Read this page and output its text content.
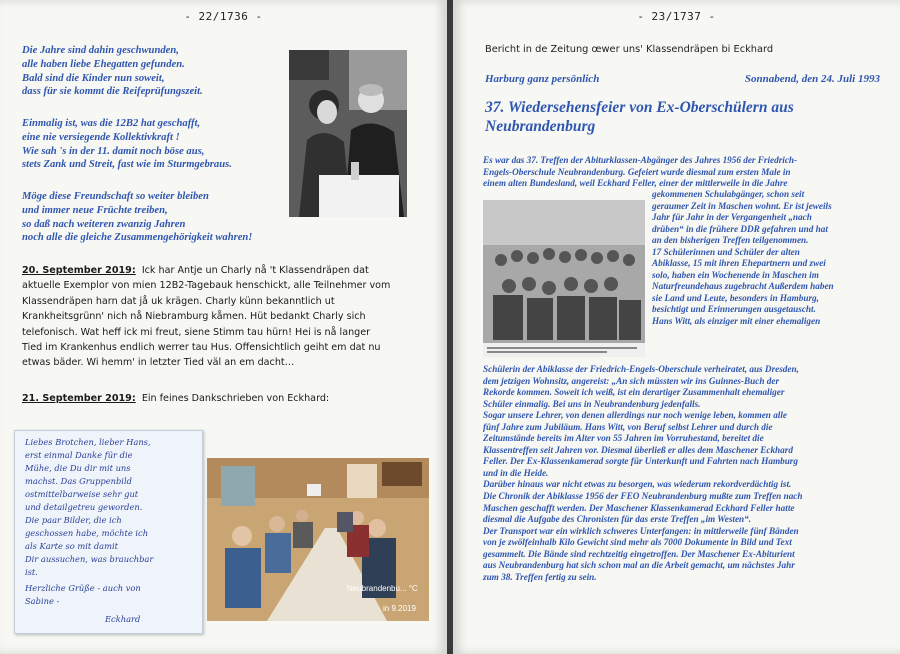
- 22/1736 -
Die Jahre sind dahin geschwunden,
alle haben liebe Ehegatten gefunden.
Bald sind die Kinder nun soweit,
dass für sie kommt die Reifeprüfungszeit.
Einmalig ist, was die 12B2 hat geschafft,
eine nie versiegende Kollektivkraft !
Wie sah 's in der 11. damit noch böse aus,
stets Zank und Streit, fast wie im Sturmgebraus.
Möge diese Freundschaft so weiter bleiben
und immer neue Früchte treiben,
so daß nach weiteren zwanzig Jahren
noch alle die gleiche Zusammengehörigkeit wahren!
20. September 2019: Ick har Antje un Charly nå 't Klassendräpen dat
aktuelle Exemplor von mien 12B2-Tagebauk henschickt, alle Teilnehmer vom
Klassendräpen harn dat jå uk krägen. Charly künn bekanntlich ut
Krankheitsgrünn' nich nå Niebramburg kåmen. Hüt bedankt Charly sich
telefonisch. Wat heff ick mi freut, siene Stimm tau hürn! Hei is nå langer
Tied im Krankenhus endlich werrer tau Hus. Offensichtlich geiht em dat nu
etwas bäder. Wi hemm' in letzter Tied väl an em dacht…
21. September 2019: Ein feines Dankschrieben von Eckhard:
Liebes Brotchen, lieber Hans,
erst einmal Danke für die
Mühe, die Du dir mit uns
machst. Das Gruppenbild
ostmittelbarweise sehr gut
und detailgetreu geworden.
Die paar Bilder, die ich
geschossen habe, möchte ich
als Karte so mit damit
Dir aussuchen, was brauchbar
ist.
Herzliche Grüße - auch von
Sabine -
Eckhard
Neubrandenbu... °C
in 9.2019
- 23/1737 -
Bericht in de Zeitung œwer uns' Klassendräpen bi Eckhard
Harburg ganz persönlich	Sonnabend, den 24. Juli 1993
37. Wiedersehensfeier von Ex-Oberschülern aus Neubrandenburg
Es war das 37. Treffen der Abiturklassen-Abgänger des Jahres 1956 der Friedrich-
Engels-Oberschule Neubrandenburg. Gefeiert wurde diesmal zum ersten Male in
einem alten Bundesland, weil Eckhard Feller, einer der mittlerweile in die Jahre
gekommenen Schulabgänger, schon seit
geraumer Zeit in Maschen wohnt. Er ist jeweils
Jahr für Jahr in der Vergangenheit „nach
drüben“ in die frühere DDR gefahren und hat
an den bisherigen Treffen teilgenommen.
17 Schülerinnen und Schüler der alten
Abiklasse, 15 mit ihren Ehepartnern und zwei
solo, haben ein Wochenende in Maschen im
Naturfreundehaus zugebracht Außerdem haben
sie Land und Leute, besonders in Hamburg,
besichtigt und Erinnerungen ausgetauscht.
Hans Witt, als einziger mit einer ehemaligen
Schülerin der Abiklasse der Friedrich-Engels-Oberschule verheiratet, aus Dresden,
dem jetzigen Wohnsitz, angereist: „An sich müssten wir ins Guinnes-Buch der
Rekorde kommen. Soweit ich weiß, ist ein derartiger Zusammenhalt ehemaliger
Schüler einmalig. Bei uns in Neubrandenburg jedenfalls.
Sogar unsere Lehrer, von denen allerdings nur noch wenige leben, kommen alle
fünf Jahre zum Jubiläum. Hans Witt, von Beruf selbst Lehrer und durch die
Zeitumstände bereits im Alter von 55 Jahren im Vorruhestand, bereitet die
Klassentreffen seit Jahren vor. Diesmal überließ er alles dem Maschener Eckhard
Feller. Der Ex-Klassenkamerad sorgte für Unterkunft und Fahrten nach Hamburg
und in die Heide.
Darüber hinaus war nicht etwas zu besorgen, was wiederum rekordverdächtig ist.
Die Chronik der Abiklasse 1956 der FEO Neubrandenburg mußte zum Treffen nach
Maschen geschafft werden. Der Maschener Klassenkamerad Eckhard Feller hatte
diesmal die Aufgabe des Chronisten für das erste Treffen „im Westen“.
Der Transport war ein wirklich schweres Unterfangen: in mittlerweile fünf Bänden
von je zwölfeinhalb Kilo Gewicht sind mehr als 7000 Dokumente in Bild und Text
gesammelt. Die Bände sind rechtzeitig eingetroffen. Der Maschener Ex-Abiturient
aus Neubrandenburg hat sich schon mal an die Arbeit gemacht, um nächstes Jahr
zum 38. Treffen fertig zu sein.
